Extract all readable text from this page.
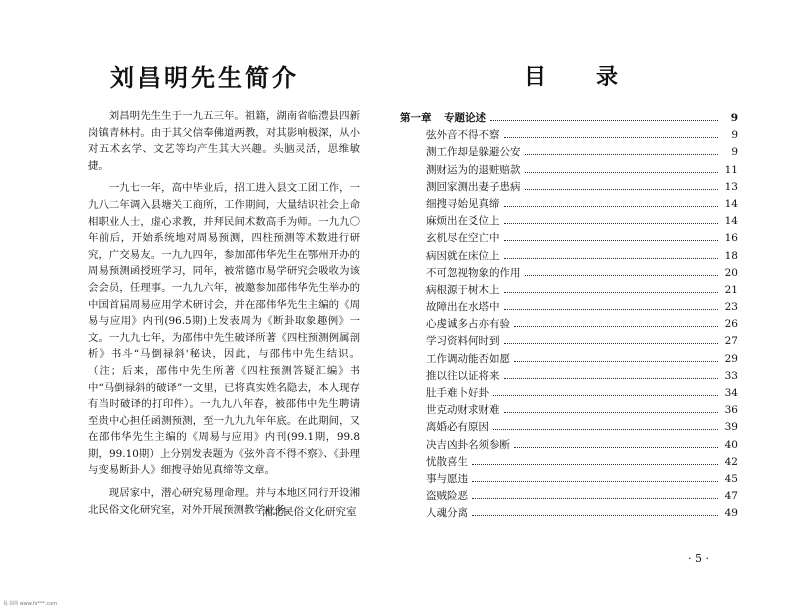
刘昌明先生简介

刘昌明先生生于一九五三年。祖籍，湖南省临澧县四新岗镇青林村。由于其父信奉佛道两教，对其影响极深，从小对五术玄学、文艺等均产生其大兴趣。头脑灵活，思维敏捷。

一九七一年，高中毕业后，招工进入县文工团工作，一九八二年调入县塘关工商所，工作期间，大量结识社会上命相职业人士，虚心求教，并拜民间术数高手为师。一九九〇年前后，开始系统地对周易预测，四柱预测等术数进行研究，广交易友。一九九四年，参加邵伟华先生在鄂州开办的周易预测函授班学习，同年，被常德市易学研究会吸收为该会会员，任理事。一九九六年，被邀参加邵伟华先生举办的中国首届周易应用学术研讨会，并在邵伟华先生主编的《周易与应用》内刊(96.5期)上发表周为《断卦取象趣例》一文。一九九七年，为邵伟中先生破译所著《四柱预测例属剖析》书斗“马倒禄斜'秘诀，因此，与邵伟中先生结识。（注；后来，邵伟中先生所著《四柱预测答疑汇编》书中“马倒禄斜的破译”一文里，已将真实姓名隐去，本人现存有当时破译的打印件）。一九九八年春，被邵伟中先生聘请至贵中心担任函测预测，至一九九九年年底。在此期间，又在邵伟华先生主编的《周易与应用》内刊(99.1期，99.8期，99.10期）上分别发表题为《弦外音不得不察》、《卦理与变易断卦人》细搜寻始见真缔等文章。

现居家中，潜心研究易理命理。并与本地区同行开设湘北民俗文化研究室，对外开展预测教学业务。

湘北民俗文化研究室
易书网 www.fs***.com
目 录
第一章 专题论述	9
弦外音不得不察	9
测工作却是躲避公安	9
测财运为的退赃赔款	11
测回家测出妻子患病	13
细搜寻始见真缔	14
麻烦出在爻位上	14
玄机尽在空亡中	16
病因就在床位上	18
不可忽视物象的作用	20
病根源于树木上	21
故障出在水塔中	23
心虔诚多占亦有验	26
学习资料何时到	27
工作调动能否如愿	29
推以往以证将来	33
肚手难卜好卦	34
世克动财求财难	36
离婚必有原因	39
决吉凶卦名须参断	40
忧散喜生	42
事与愿违	45
盗贼险恶	47
人魂分离	49
· 5 ·
